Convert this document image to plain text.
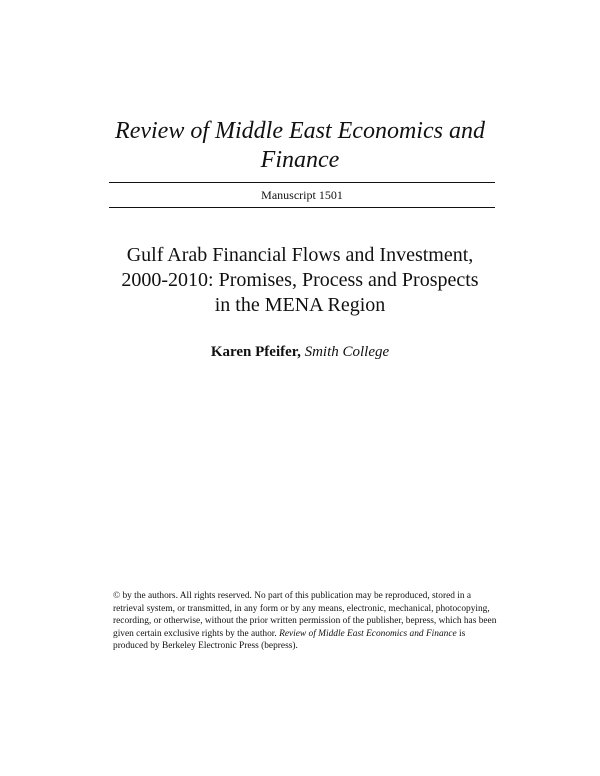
Review of Middle East Economics and
Finance
Manuscript 1501
Gulf Arab Financial Flows and Investment,
2000-2010: Promises, Process and Prospects
in the MENA Region
Karen Pfeifer, Smith College
© by the authors. All rights reserved. No part of this publication may be reproduced, stored in a retrieval system, or transmitted, in any form or by any means, electronic, mechanical, photocopying, recording, or otherwise, without the prior written permission of the publisher, bepress, which has been given certain exclusive rights by the author. Review of Middle East Economics and Finance is produced by Berkeley Electronic Press (bepress).
